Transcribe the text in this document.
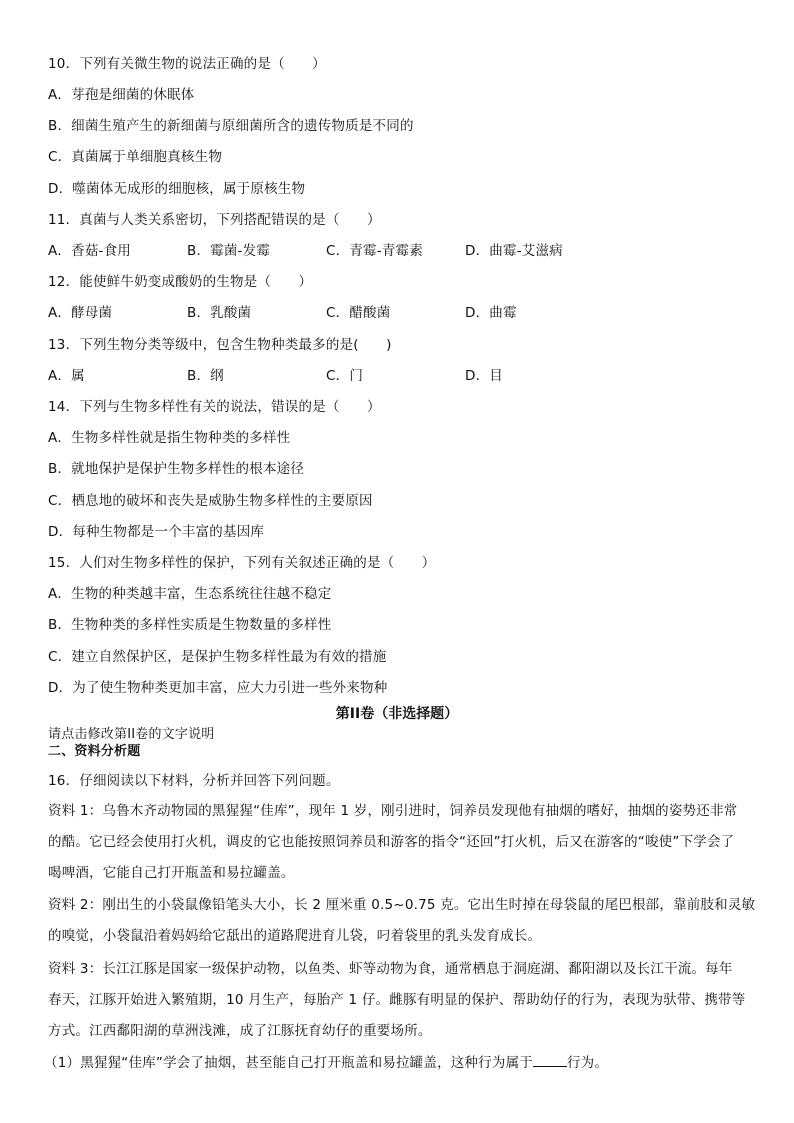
10．下列有关微生物的说法正确的是（　　）
A．芽孢是细菌的休眠体
B．细菌生殖产生的新细菌与原细菌所含的遗传物质是不同的
C．真菌属于单细胞真核生物
D．噬菌体无成形的细胞核，属于原核生物
11．真菌与人类关系密切，下列搭配错误的是（　　）
A．香菇-食用	B．霉菌-发霉	C．青霉-青霉素	D．曲霉-艾滋病
12．能使鲜牛奶变成酸奶的生物是（　　）
A．酵母菌	B．乳酸菌	C．醋酸菌	D．曲霉
13．下列生物分类等级中，包含生物种类最多的是(　　)
A．属	B．纲	C．门	D．目
14．下列与生物多样性有关的说法，错误的是（　　）
A．生物多样性就是指生物种类的多样性
B．就地保护是保护生物多样性的根本途径
C．栖息地的破坏和丧失是威胁生物多样性的主要原因
D．每种生物都是一个丰富的基因库
15．人们对生物多样性的保护，下列有关叙述正确的是（　　）
A．生物的种类越丰富，生态系统往往越不稳定
B．生物种类的多样性实质是生物数量的多样性
C．建立自然保护区，是保护生物多样性最为有效的措施
D．为了使生物种类更加丰富，应大力引进一些外来物种
第II卷（非选择题）
请点击修改第II卷的文字说明
二、资料分析题
16．仔细阅读以下材料，分析并回答下列问题。
资料 1：乌鲁木齐动物园的黑猩猩“佳库”，现年 1 岁，刚引进时，饲养员发现他有抽烟的嗜好，抽烟的姿势还非常
的酷。它已经会使用打火机，调皮的它也能按照饲养员和游客的指令“还回”打火机，后又在游客的“唆使”下学会了
喝啤酒，它能自己打开瓶盖和易拉罐盖。
资料 2：刚出生的小袋鼠像铅笔头大小，长 2 厘米重 0.5~0.75 克。它出生时掉在母袋鼠的尾巴根部，靠前肢和灵敏
的嗅觉，小袋鼠沿着妈妈给它舐出的道路爬进育儿袋，叼着袋里的乳头发育成长。
资料 3：长江江豚是国家一级保护动物，以鱼类、虾等动物为食，通常栖息于洞庭湖、鄱阳湖以及长江干流。每年
春天，江豚开始进入繁殖期，10 月生产，每胎产 1 仔。雌豚有明显的保护、帮助幼仔的行为，表现为驮带、携带等
方式。江西鄱阳湖的草洲浅滩，成了江豚抚育幼仔的重要场所。
（1）黑猩猩“佳库”学会了抽烟，甚至能自己打开瓶盖和易拉罐盖，这种行为属于	行为。
